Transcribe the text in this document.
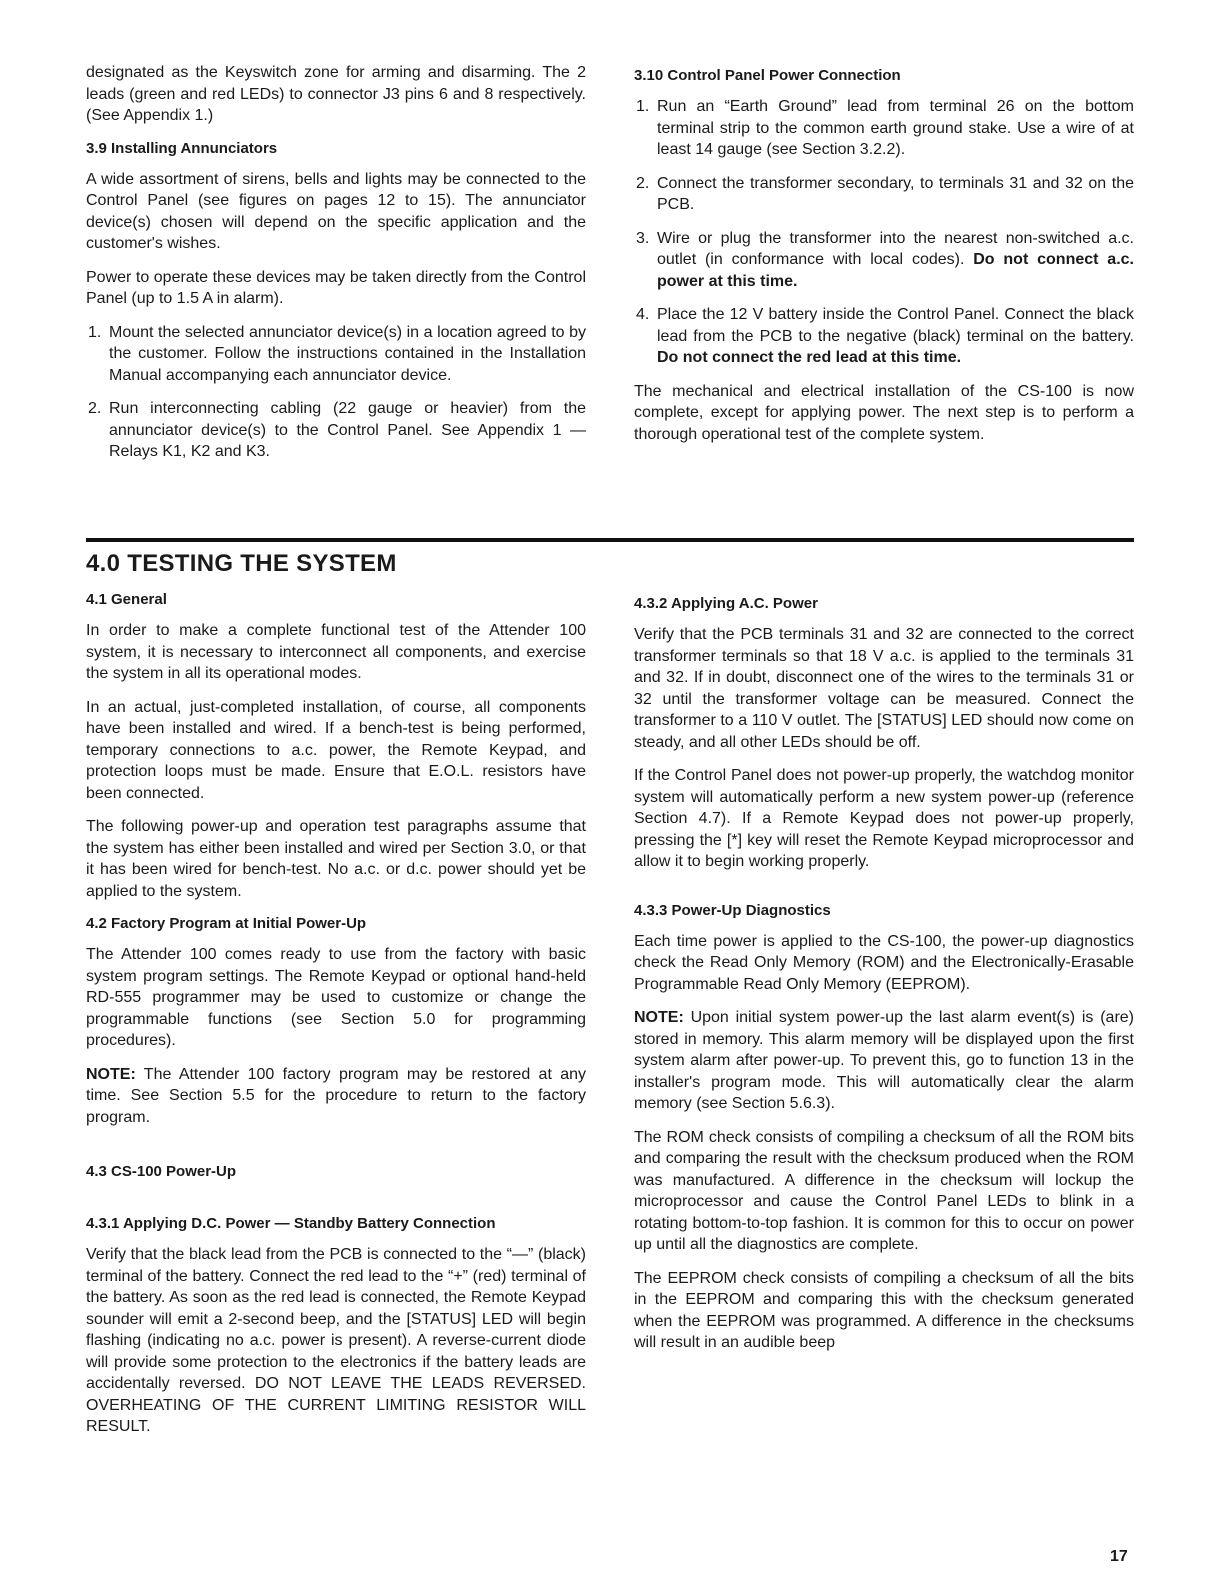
designated as the Keyswitch zone for arming and disarming. The 2 leads (green and red LEDs) to connector J3 pins 6 and 8 respectively. (See Appendix 1.)

3.9 Installing Annunciators

A wide assortment of sirens, bells and lights may be connected to the Control Panel (see figures on pages 12 to 15). The annunciator device(s) chosen will depend on the specific application and the customer's wishes.

Power to operate these devices may be taken directly from the Control Panel (up to 1.5 A in alarm).

1. Mount the selected annunciator device(s) in a location agreed to by the customer. Follow the instructions contained in the Installation Manual accompanying each annunciator device.
2. Run interconnecting cabling (22 gauge or heavier) from the annunciator device(s) to the Control Panel. See Appendix 1 — Relays K1, K2 and K3.
3.10 Control Panel Power Connection
1. Run an “Earth Ground” lead from terminal 26 on the bottom terminal strip to the common earth ground stake. Use a wire of at least 14 gauge (see Section 3.2.2).
2. Connect the transformer secondary, to terminals 31 and 32 on the PCB.
3. Wire or plug the transformer into the nearest non-switched a.c. outlet (in conformance with local codes). Do not connect a.c. power at this time.
4. Place the 12 V battery inside the Control Panel. Connect the black lead from the PCB to the negative (black) terminal on the battery. Do not connect the red lead at this time.

The mechanical and electrical installation of the CS-100 is now complete, except for applying power. The next step is to perform a thorough operational test of the complete system.

4.0 TESTING THE SYSTEM
4.1 General

In order to make a complete functional test of the Attender 100 system, it is necessary to interconnect all components, and exercise the system in all its operational modes.

In an actual, just-completed installation, of course, all components have been installed and wired. If a bench-test is being performed, temporary connections to a.c. power, the Remote Keypad, and protection loops must be made. Ensure that E.O.L. resistors have been connected.

The following power-up and operation test paragraphs assume that the system has either been installed and wired per Section 3.0, or that it has been wired for bench-test. No a.c. or d.c. power should yet be applied to the system.

4.2 Factory Program at Initial Power-Up

The Attender 100 comes ready to use from the factory with basic system program settings. The Remote Keypad or optional hand-held RD-555 programmer may be used to customize or change the programmable functions (see Section 5.0 for programming procedures).

NOTE: The Attender 100 factory program may be restored at any time. See Section 5.5 for the procedure to return to the factory program.

4.3 CS-100 Power-Up
4.3.1 Applying D.C. Power — Standby Battery Connection

Verify that the black lead from the PCB is connected to the “—” (black) terminal of the battery. Connect the red lead to the “+” (red) terminal of the battery. As soon as the red lead is connected, the Remote Keypad sounder will emit a 2-second beep, and the [STATUS] LED will begin flashing (indicating no a.c. power is present). A reverse-current diode will provide some protection to the electronics if the battery leads are accidentally reversed. DO NOT LEAVE THE LEADS REVERSED. OVERHEATING OF THE CURRENT LIMITING RESISTOR WILL RESULT.

4.3.2 Applying A.C. Power

Verify that the PCB terminals 31 and 32 are connected to the correct transformer terminals so that 18 V a.c. is applied to the terminals 31 and 32. If in doubt, disconnect one of the wires to the terminals 31 or 32 until the transformer voltage can be measured. Connect the transformer to a 110 V outlet. The [STATUS] LED should now come on steady, and all other LEDs should be off.

If the Control Panel does not power-up properly, the watchdog monitor system will automatically perform a new system power-up (reference Section 4.7). If a Remote Keypad does not power-up properly, pressing the [*] key will reset the Remote Keypad microprocessor and allow it to begin working properly.

4.3.3 Power-Up Diagnostics

Each time power is applied to the CS-100, the power-up diagnostics check the Read Only Memory (ROM) and the Electronically-Erasable Programmable Read Only Memory (EEPROM).

NOTE: Upon initial system power-up the last alarm event(s) is (are) stored in memory. This alarm memory will be displayed upon the first system alarm after power-up. To prevent this, go to function 13 in the installer's program mode. This will automatically clear the alarm memory (see Section 5.6.3).

The ROM check consists of compiling a checksum of all the ROM bits and comparing the result with the checksum produced when the ROM was manufactured. A difference in the checksum will lockup the microprocessor and cause the Control Panel LEDs to blink in a rotating bottom-to-top fashion. It is common for this to occur on power up until all the diagnostics are complete.

The EEPROM check consists of compiling a checksum of all the bits in the EEPROM and comparing this with the checksum generated when the EEPROM was programmed. A difference in the checksums will result in an audible beep

17
